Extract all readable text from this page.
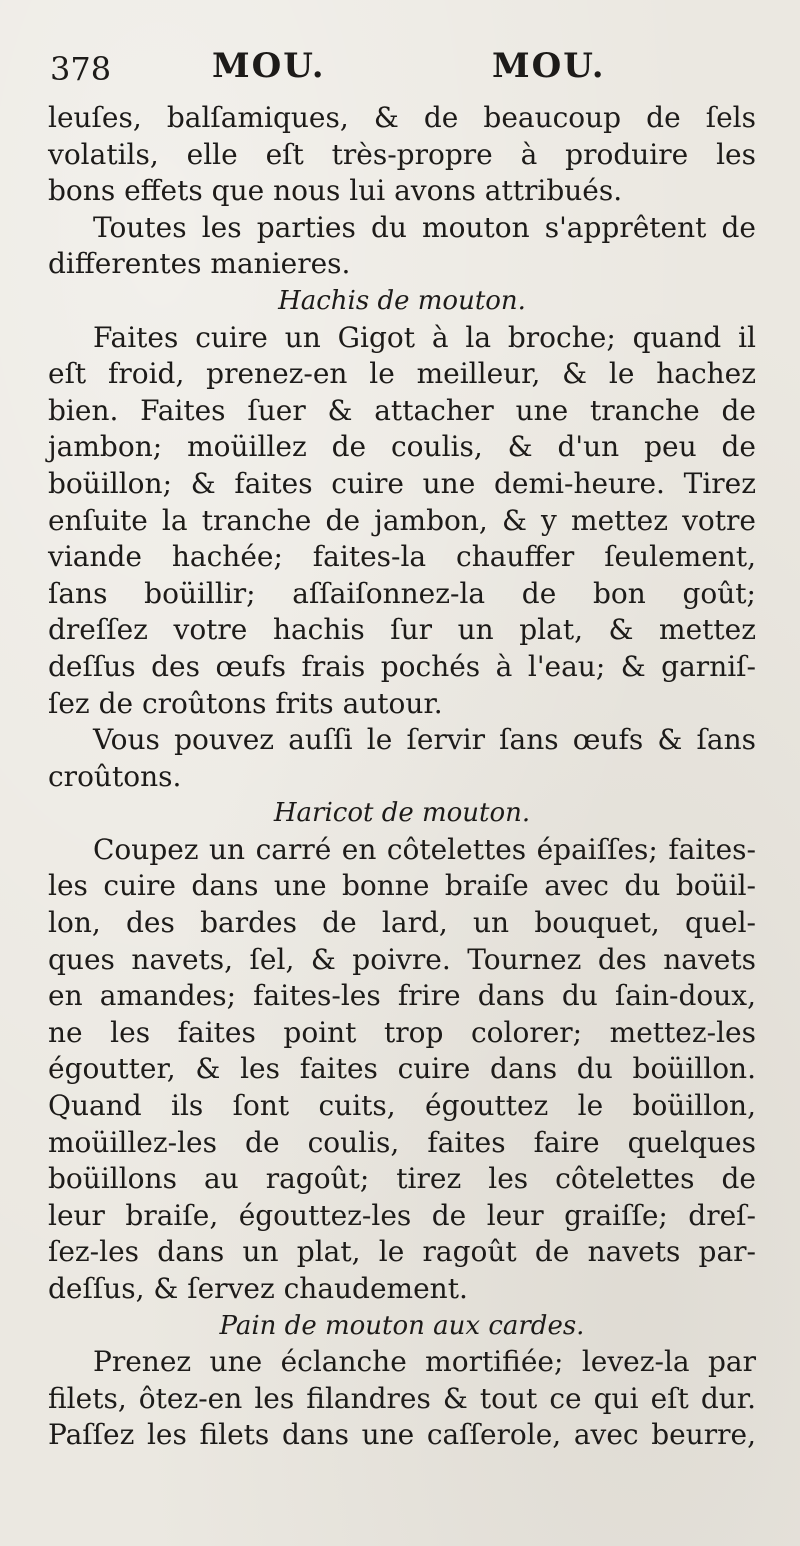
378	MOU.	MOU.

leuſes, balſamiques, & de beaucoup de ſels
volatils, elle eſt très-propre à produire les
bons effets que nous lui avons attribués.

Toutes les parties du mouton s'apprêtent de
differentes manieres.

Hachis de mouton.

Faites cuire un Gigot à la broche; quand il
eſt froid, prenez-en le meilleur, & le hachez
bien. Faites ſuer & attacher une tranche de
jambon; moüillez de coulis, & d'un peu de
boüillon; & faites cuire une demi-heure. Tirez
enſuite la tranche de jambon, & y mettez votre
viande hachée; faites-la chauffer ſeulement,
ſans boüillir; aſſaiſonnez-la de bon goût;
dreſſez votre hachis ſur un plat, & mettez
deſſus des œufs frais pochés à l'eau; & garniſ-
ſez de croûtons frits autour.

Vous pouvez auſſi le ſervir ſans œufs & ſans
croûtons.

Haricot de mouton.

Coupez un carré en côtelettes épaiſſes; faites-
les cuire dans une bonne braiſe avec du boüil-
lon, des bardes de lard, un bouquet, quel-
ques navets, ſel, & poivre. Tournez des navets
en amandes; faites-les frire dans du ſain-doux,
ne les faites point trop colorer; mettez-les
égoutter, & les faites cuire dans du boüillon.
Quand ils ſont cuits, égouttez le boüillon,
moüillez-les de coulis, faites faire quelques
boüillons au ragoût; tirez les côtelettes de
leur braiſe, égouttez-les de leur graiſſe; dreſ-
ſez-les dans un plat, le ragoût de navets par-
deſſus, & ſervez chaudement.

Pain de mouton aux cardes.

Prenez une éclanche mortifiée; levez-la par
filets, ôtez-en les filandres & tout ce qui eſt dur.
Paſſez les filets dans une caſſerole, avec beurre,
